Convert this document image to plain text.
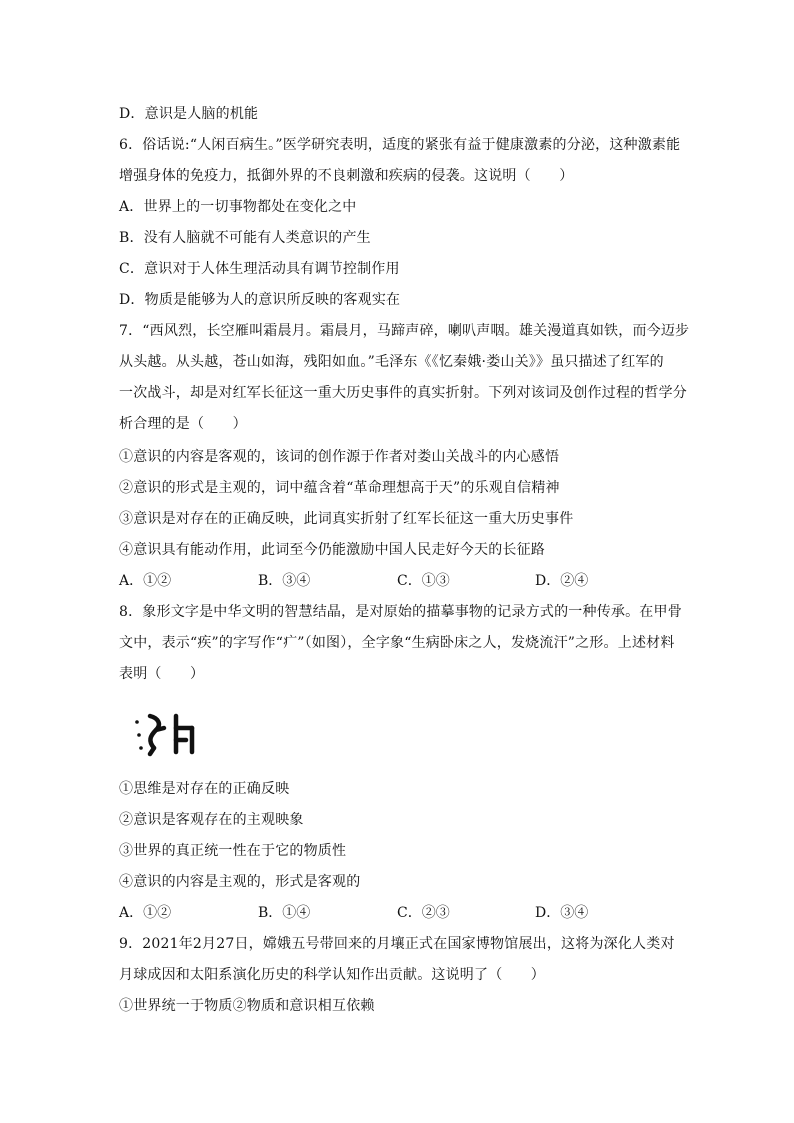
D．意识是人脑的机能
6．俗话说:“人闲百病生。”医学研究表明，适度的紧张有益于健康激素的分泌，这种激素能
增强身体的免疫力，抵御外界的不良刺激和疾病的侵袭。这说明（　　）
A．世界上的一切事物都处在变化之中
B．没有人脑就不可能有人类意识的产生
C．意识对于人体生理活动具有调节控制作用
D．物质是能够为人的意识所反映的客观实在
7．“西风烈，长空雁叫霜晨月。霜晨月，马蹄声碎，喇叭声咽。雄关漫道真如铁，而今迈步
从头越。从头越，苍山如海，残阳如血。”毛泽东《《忆秦娥·娄山关》》虽只描述了红军的
一次战斗，却是对红军长征这一重大历史事件的真实折射。下列对该词及创作过程的哲学分
析合理的是（　　）
①意识的内容是客观的，该词的创作源于作者对娄山关战斗的内心感悟
②意识的形式是主观的，词中蕴含着“革命理想高于天”的乐观自信精神
③意识是对存在的正确反映，此词真实折射了红军长征这一重大历史事件
④意识具有能动作用，此词至今仍能激励中国人民走好今天的长征路
A．①②	B．③④	C．①③	D．②④
8．象形文字是中华文明的智慧结晶，是对原始的描摹事物的记录方式的一种传承。在甲骨
文中，表示“疾”的字写作“疒”（如图），全字象“生病卧床之人，发烧流汗”之形。上述材料
表明（　　）
①思维是对存在的正确反映
②意识是客观存在的主观映象
③世界的真正统一性在于它的物质性
④意识的内容是主观的，形式是客观的
A．①②	B．①④	C．②③	D．③④
9．2021年2月27日，嫦娥五号带回来的月壤正式在国家博物馆展出，这将为深化人类对
月球成因和太阳系演化历史的科学认知作出贡献。这说明了（　　）
①世界统一于物质②物质和意识相互依赖
